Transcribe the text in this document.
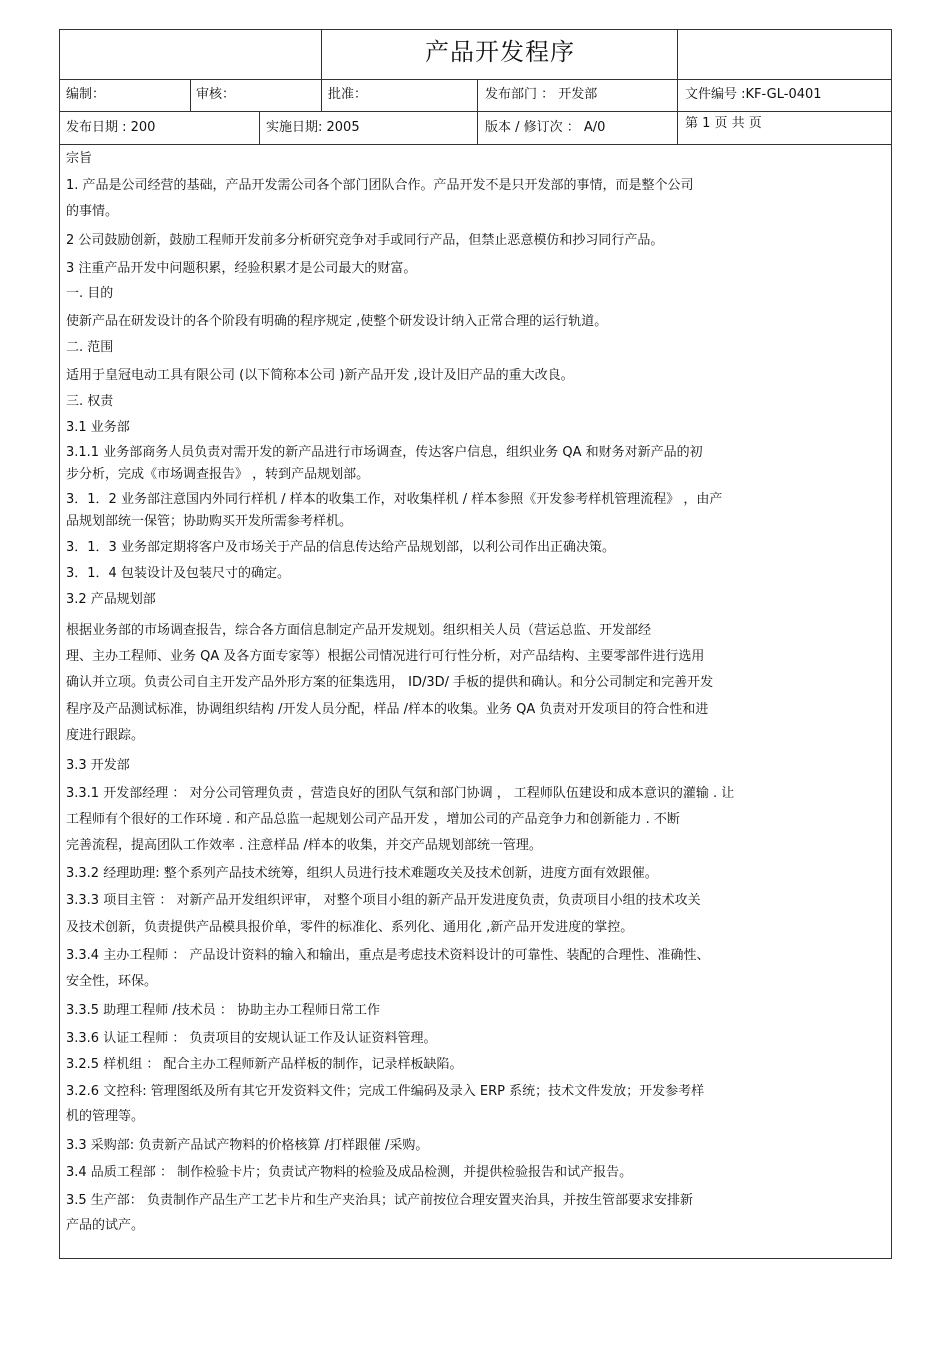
产品开发程序
编制：	审核：	批准：	发布部门 ： 开发部	文件编号 :KF-GL-0401
发布日期 : 200	实施日期: 2005	版本 / 修订次 ： A/0	第 1 页 共 页
宗旨
1. 产品是公司经营的基础，产品开发需公司各个部门团队合作。产品开发不是只开发部的事情，而是整个公司
的事情。
2 公司鼓励创新，鼓励工程师开发前多分析研究竞争对手或同行产品，但禁止恶意模仿和抄习同行产品。
3 注重产品开发中问题积累，经验积累才是公司最大的财富。
一. 目的
使新产品在研发设计的各个阶段有明确的程序规定 ,使整个研发设计纳入正常合理的运行轨道。
二. 范围
适用于皇冠电动工具有限公司 (以下简称本公司 )新产品开发 ,设计及旧产品的重大改良。
三. 权责
3.1 业务部
3.1.1 业务部商务人员负责对需开发的新产品进行市场调查，传达客户信息，组织业务 QA 和财务对新产品的初
步分析，完成《市场调查报告》 ，转到产品规划部。
3．1．2 业务部注意国内外同行样机 / 样本的收集工作，对收集样机 / 样本参照《开发参考样机管理流程》 ，由产
品规划部统一保管；协助购买开发所需参考样机。
3．1．3 业务部定期将客户及市场关于产品的信息传达给产品规划部，以利公司作出正确决策。
3．1．4 包装设计及包装尺寸的确定。
3.2 产品规划部
根据业务部的市场调查报告，综合各方面信息制定产品开发规划。组织相关人员（营运总监、开发部经
理、主办工程师、业务 QA 及各方面专家等）根据公司情况进行可行性分析，对产品结构、主要零部件进行选用
确认并立项。负责公司自主开发产品外形方案的征集选用， ID/3D/ 手板的提供和确认。和分公司制定和完善开发
程序及产品测试标准，协调组织结构 /开发人员分配，样品 /样本的收集。业务 QA 负责对开发项目的符合性和进
度进行跟踪。
3.3 开发部
3.3.1 开发部经理 ： 对分公司管理负责 ，营造良好的团队气氛和部门协调 ， 工程师队伍建设和成本意识的灌输 . 让
工程师有个很好的工作环境 . 和产品总监一起规划公司产品开发 ，增加公司的产品竞争力和创新能力 . 不断
完善流程，提高团队工作效率 . 注意样品 /样本的收集，并交产品规划部统一管理。
3.3.2 经理助理: 整个系列产品技术统筹，组织人员进行技术难题攻关及技术创新，进度方面有效跟催。
3.3.3 项目主管 ： 对新产品开发组织评审， 对整个项目小组的新产品开发进度负责，负责项目小组的技术攻关
及技术创新，负责提供产品模具报价单，零件的标准化、系列化、通用化 ,新产品开发进度的掌控。
3.3.4 主办工程师 ： 产品设计资料的输入和输出，重点是考虑技术资料设计的可靠性、装配的合理性、准确性、
安全性，环保。
3.3.5 助理工程师 /技术员 ： 协助主办工程师日常工作
3.3.6 认证工程师 ： 负责项目的安规认证工作及认证资料管理。
3.2.5 样机组 ： 配合主办工程师新产品样板的制作，记录样板缺陷。
3.2.6 文控科: 管理图纸及所有其它开发资料文件；完成工件编码及录入 ERP 系统；技术文件发放；开发参考样
机的管理等。
3.3 采购部: 负责新产品试产物料的价格核算 /打样跟催 /采购。
3.4 品质工程部 ： 制作检验卡片；负责试产物料的检验及成品检测，并提供检验报告和试产报告。
3.5 生产部： 负责制作产品生产工艺卡片和生产夹治具；试产前按位合理安置夹治具，并按生管部要求安排新
产品的试产。
